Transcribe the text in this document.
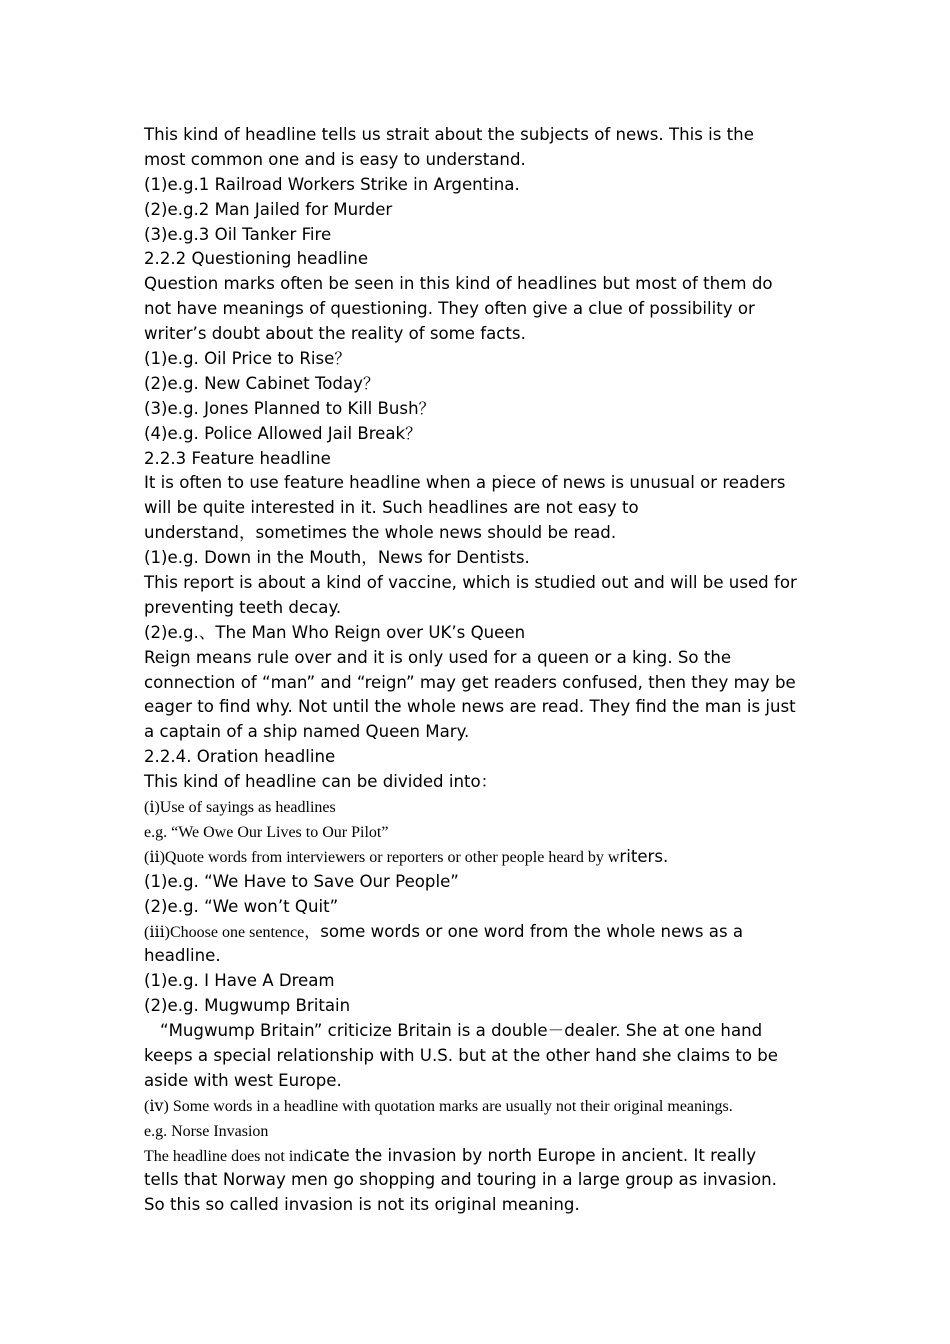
This kind of headline tells us strait about the subjects of news. This is the
most common one and is easy to understand.
(1)e.g.1 Railroad Workers Strike in Argentina.
(2)e.g.2 Man Jailed for Murder
(3)e.g.3 Oil Tanker Fire
2.2.2 Questioning headline
Question marks often be seen in this kind of headlines but most of them do
not have meanings of questioning. They often give a clue of possibility or
writer’s doubt about the reality of some facts.
(1)e.g. Oil Price to Rise？
(2)e.g. New Cabinet Today？
(3)e.g. Jones Planned to Kill Bush？
(4)e.g. Police Allowed Jail Break？
2.2.3 Feature headline
It is often to use feature headline when a piece of news is unusual or readers
will be quite interested in it. Such headlines are not easy to
understand，sometimes the whole news should be read.
(1)e.g. Down in the Mouth，News for Dentists.
This report is about a kind of vaccine, which is studied out and will be used for
preventing teeth decay.
(2)e.g.、The Man Who Reign over UK’s Queen
Reign means rule over and it is only used for a queen or a king. So the
connection of “man” and “reign” may get readers confused, then they may be
eager to find why. Not until the whole news are read. They find the man is just
a captain of a ship named Queen Mary.
2.2.4. Oration headline
This kind of headline can be divided into：
(ⅰ)Use of sayings as headlines
e.g. “We Owe Our Lives to Our Pilot”
(ⅱ)Quote words from interviewers or reporters or other people heard by writers.
(1)e.g. “We Have to Save Our People”
(2)e.g. “We won’t Quit”
(ⅲ)Choose one sentence，some words or one word from the whole news as a
headline.
(1)e.g. I Have A Dream
(2)e.g. Mugwump Britain
“Mugwump Britain” criticize Britain is a double－dealer. She at one hand
keeps a special relationship with U.S. but at the other hand she claims to be
aside with west Europe.
(ⅳ) Some words in a headline with quotation marks are usually not their original meanings.
e.g. Norse Invasion
The headline does not indicate the invasion by north Europe in ancient. It really
tells that Norway men go shopping and touring in a large group as invasion.
So this so called invasion is not its original meaning.
